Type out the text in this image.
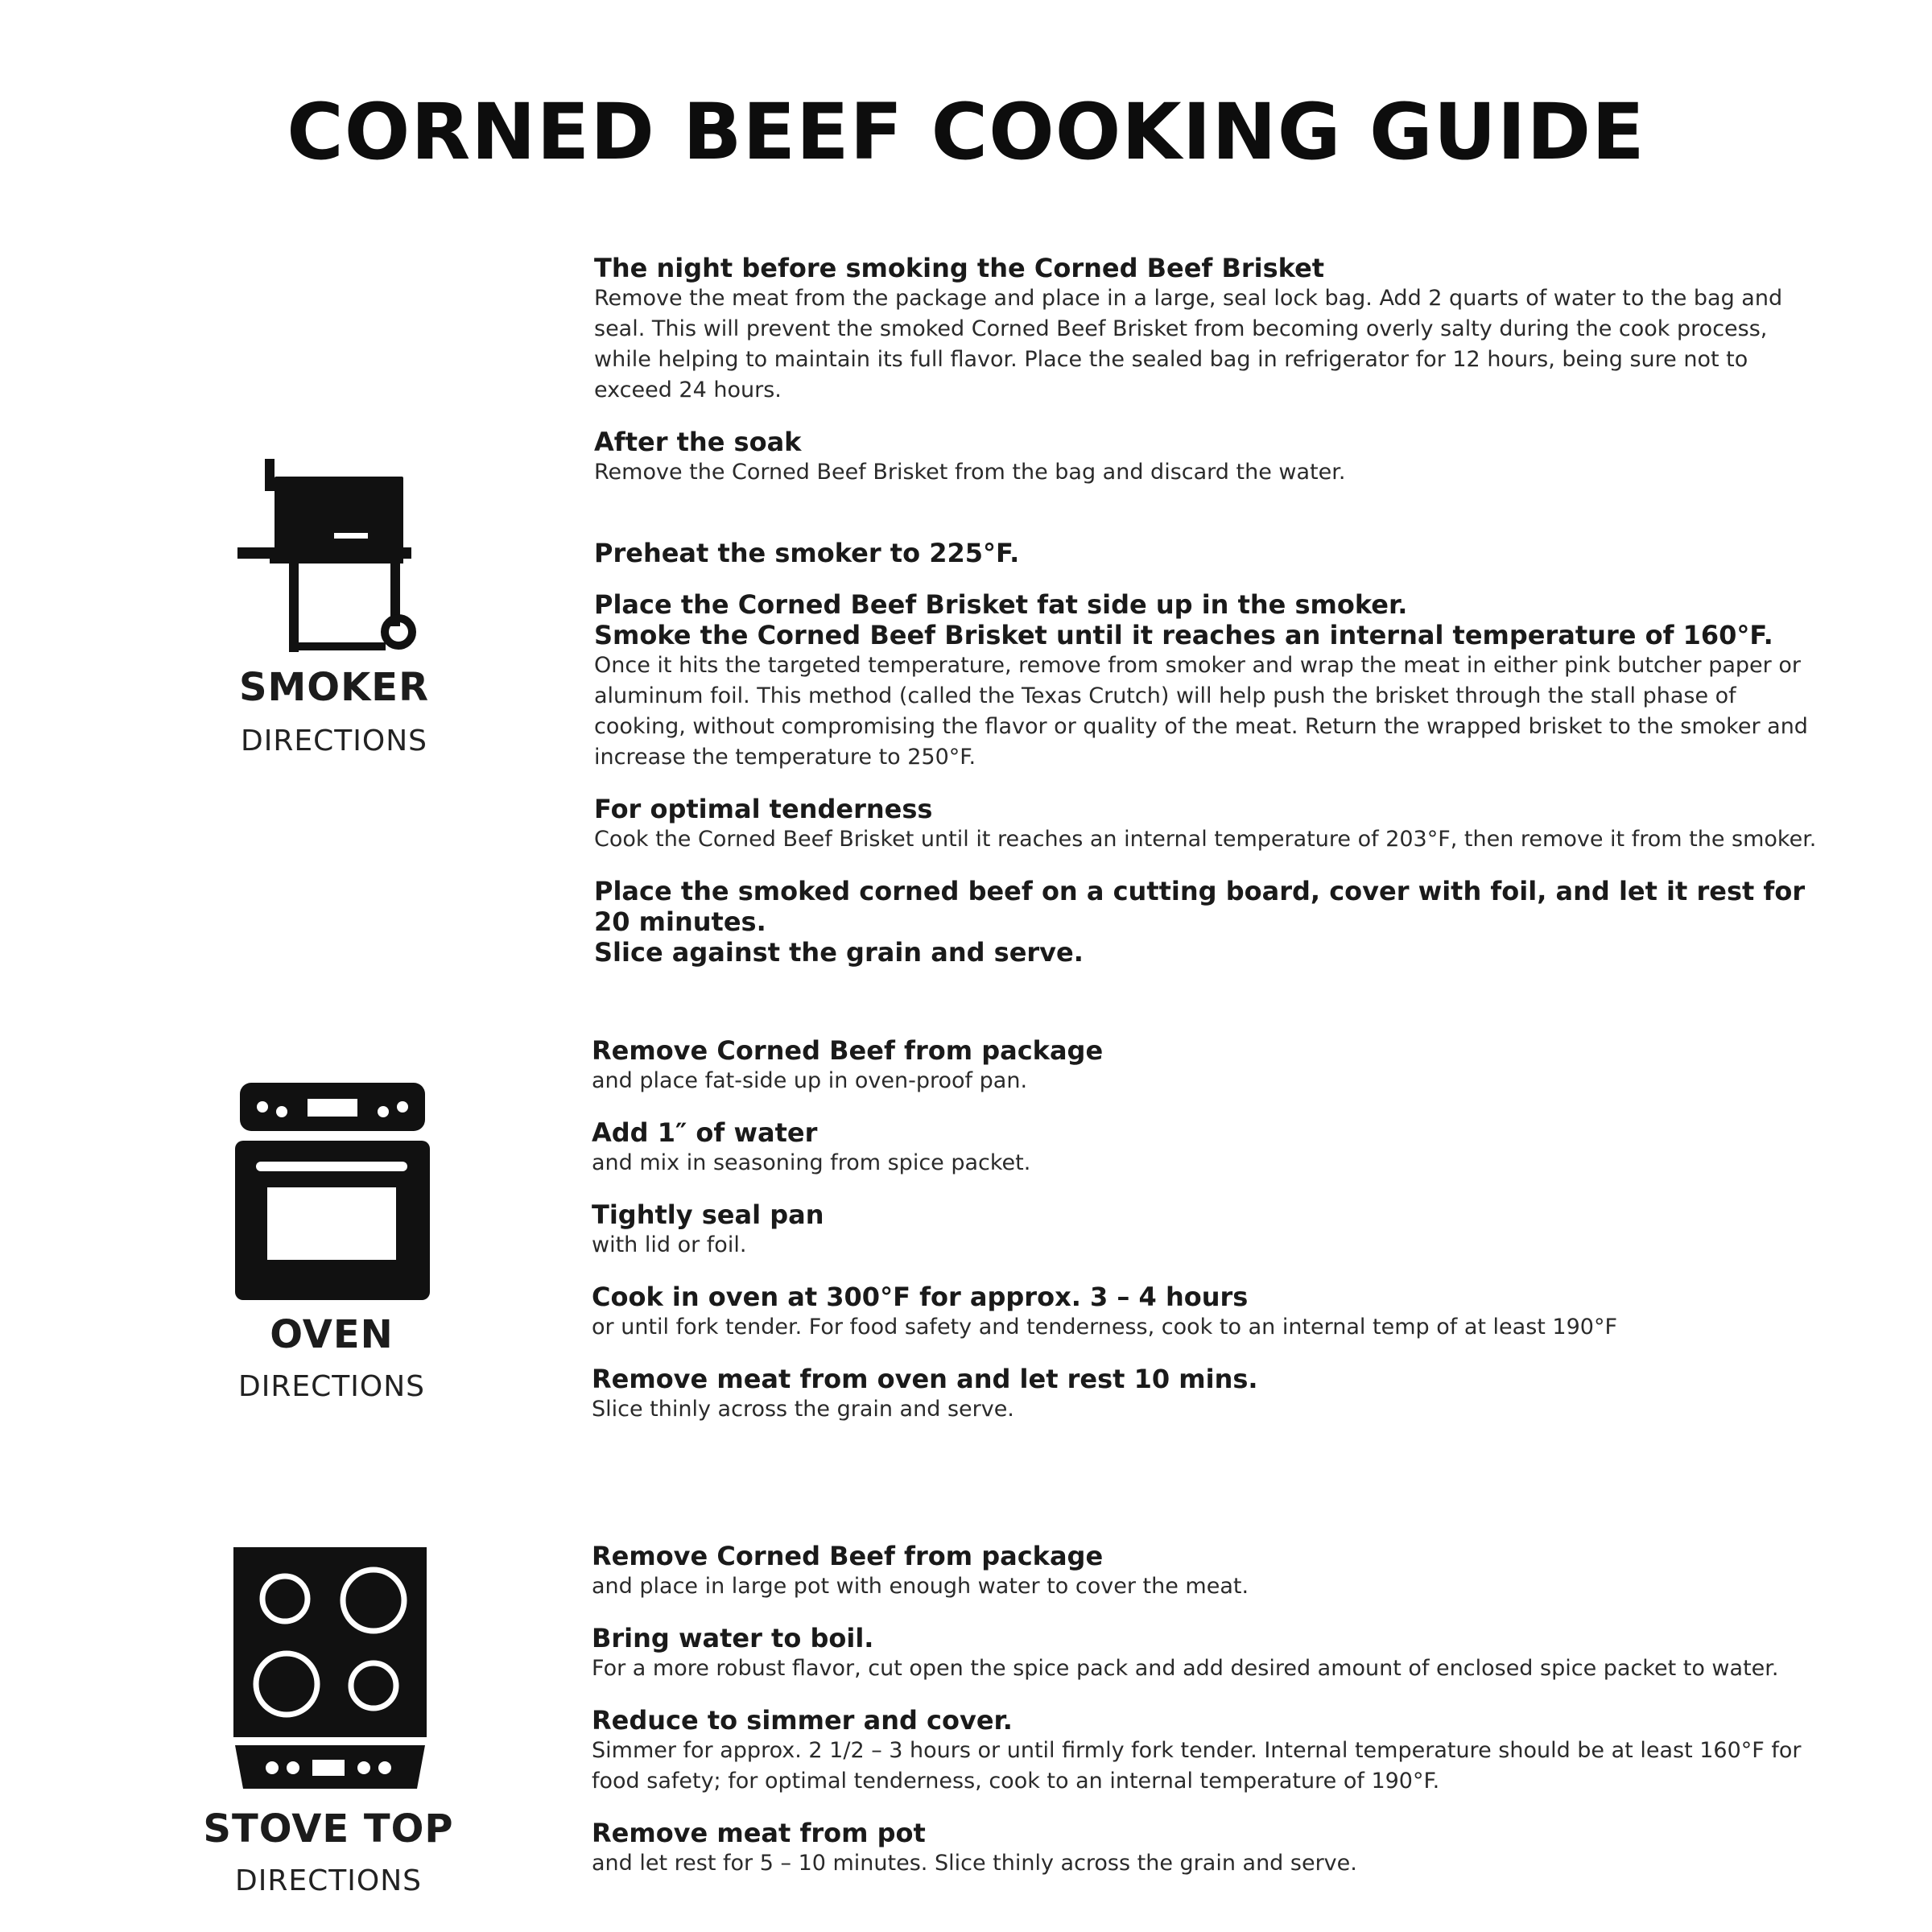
CORNED BEEF COOKING GUIDE
SMOKER
DIRECTIONS
The night before smoking the Corned Beef Brisket
Remove the meat from the package and place in a large, seal lock bag. Add 2 quarts of water to the bag and seal. This will prevent the smoked Corned Beef Brisket from becoming overly salty during the cook process, while helping to maintain its full flavor. Place the sealed bag in refrigerator for 12 hours, being sure not to exceed 24 hours.
After the soak
Remove the Corned Beef Brisket from the bag and discard the water.
Preheat the smoker to 225°F.
Place the Corned Beef Brisket fat side up in the smoker.
Smoke the Corned Beef Brisket until it reaches an internal temperature of 160°F.
Once it hits the targeted temperature, remove from smoker and wrap the meat in either pink butcher paper or aluminum foil. This method (called the Texas Crutch) will help push the brisket through the stall phase of cooking, without compromising the flavor or quality of the meat. Return the wrapped brisket to the smoker and increase the temperature to 250°F.
For optimal tenderness
Cook the Corned Beef Brisket until it reaches an internal temperature of 203°F, then remove it from the smoker.
Place the smoked corned beef on a cutting board, cover with foil, and let it rest for 20 minutes.
Slice against the grain and serve.
OVEN
DIRECTIONS
Remove Corned Beef from package
and place fat-side up in oven-proof pan.
Add 1″ of water
and mix in seasoning from spice packet.
Tightly seal pan
with lid or foil.
Cook in oven at 300°F for approx. 3 – 4 hours
or until fork tender. For food safety and tenderness, cook to an internal temp of at least 190°F
Remove meat from oven and let rest 10 mins.
Slice thinly across the grain and serve.
STOVE TOP
DIRECTIONS
Remove Corned Beef from package
and place in large pot with enough water to cover the meat.
Bring water to boil.
For a more robust flavor, cut open the spice pack and add desired amount of enclosed spice packet to water.
Reduce to simmer and cover.
Simmer for approx. 2 1/2 – 3 hours or until firmly fork tender. Internal temperature should be at least 160°F for food safety; for optimal tenderness, cook to an internal temperature of 190°F.
Remove meat from pot
and let rest for 5 – 10 minutes. Slice thinly across the grain and serve.
